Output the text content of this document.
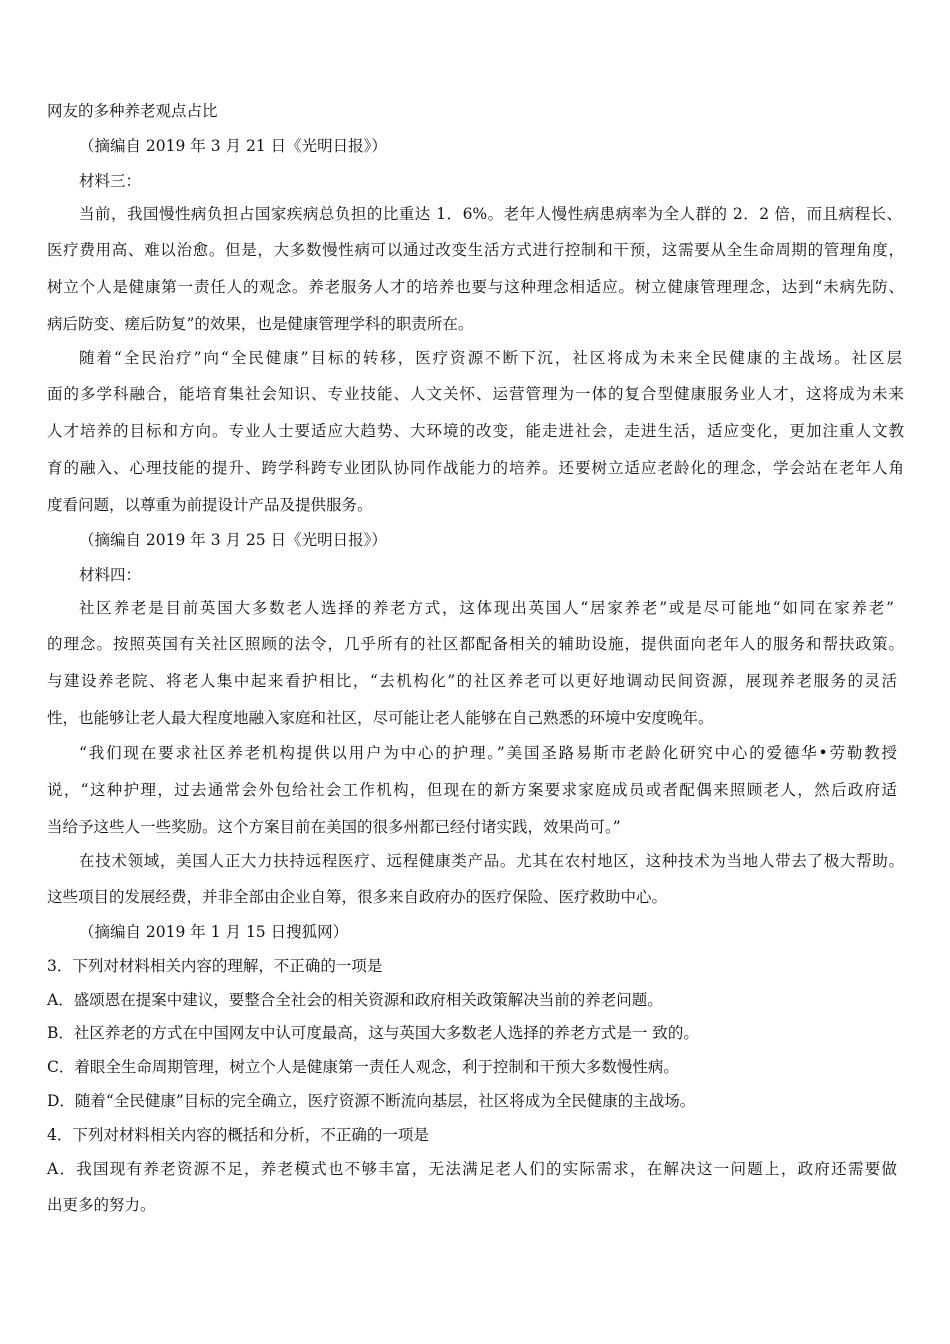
网友的多种养老观点占比
（摘编自 2019 年 3 月 21 日《光明日报》）
材料三：
当前，我国慢性病负担占国家疾病总负担的比重达 1．6%。老年人慢性病患病率为全人群的 2．2 倍，而且病程长、
医疗费用高、难以治愈。但是，大多数慢性病可以通过改变生活方式进行控制和干预，这需要从全生命周期的管理角度，
树立个人是健康第一责任人的观念。养老服务人才的培养也要与这种理念相适应。树立健康管理理念，达到“未病先防、
病后防变、瘥后防复”的效果，也是健康管理学科的职责所在。
随着“全民治疗”向“全民健康”目标的转移，医疗资源不断下沉，社区将成为未来全民健康的主战场。社区层
面的多学科融合，能培育集社会知识、专业技能、人文关怀、运营管理为一体的复合型健康服务业人才，这将成为未来
人才培养的目标和方向。专业人士要适应大趋势、大环境的改变，能走进社会，走进生活，适应变化，更加注重人文教
育的融入、心理技能的提升、跨学科跨专业团队协同作战能力的培养。还要树立适应老龄化的理念，学会站在老年人角
度看问题，以尊重为前提设计产品及提供服务。
（摘编自 2019 年 3 月 25 日《光明日报》）
材料四：
社区养老是目前英国大多数老人选择的养老方式，这体现出英国人“居家养老”或是尽可能地“如同在家养老”
的理念。按照英国有关社区照顾的法令，几乎所有的社区都配备相关的辅助设施，提供面向老年人的服务和帮扶政策。
与建设养老院、将老人集中起来看护相比，“去机构化”的社区养老可以更好地调动民间资源，展现养老服务的灵活
性，也能够让老人最大程度地融入家庭和社区，尽可能让老人能够在自己熟悉的环境中安度晚年。
“我们现在要求社区养老机构提供以用户为中心的护理。”美国圣路易斯市老龄化研究中心的爱德华•劳勒教授
说，“这种护理，过去通常会外包给社会工作机构，但现在的新方案要求家庭成员或者配偶来照顾老人，然后政府适
当给予这些人一些奖励。这个方案目前在美国的很多州都已经付诸实践，效果尚可。”
在技术领域，美国人正大力扶持远程医疗、远程健康类产品。尤其在农村地区，这种技术为当地人带去了极大帮助。
这些项目的发展经费，并非全部由企业自筹，很多来自政府办的医疗保险、医疗救助中心。
（摘编自 2019 年 1 月 15 日搜狐网）
3．下列对材料相关内容的理解，不正确的一项是
A．盛颂恩在提案中建议，要整合全社会的相关资源和政府相关政策解决当前的养老问题。
B．社区养老的方式在中国网友中认可度最高，这与英国大多数老人选择的养老方式是一 致的。
C．着眼全生命周期管理，树立个人是健康第一责任人观念，利于控制和干预大多数慢性病。
D．随着“全民健康”目标的完全确立，医疗资源不断流向基层，社区将成为全民健康的主战场。
4．下列对材料相关内容的概括和分析，不正确的一项是
A．我国现有养老资源不足，养老模式也不够丰富，无法满足老人们的实际需求，在解决这一问题上，政府还需要做
出更多的努力。
